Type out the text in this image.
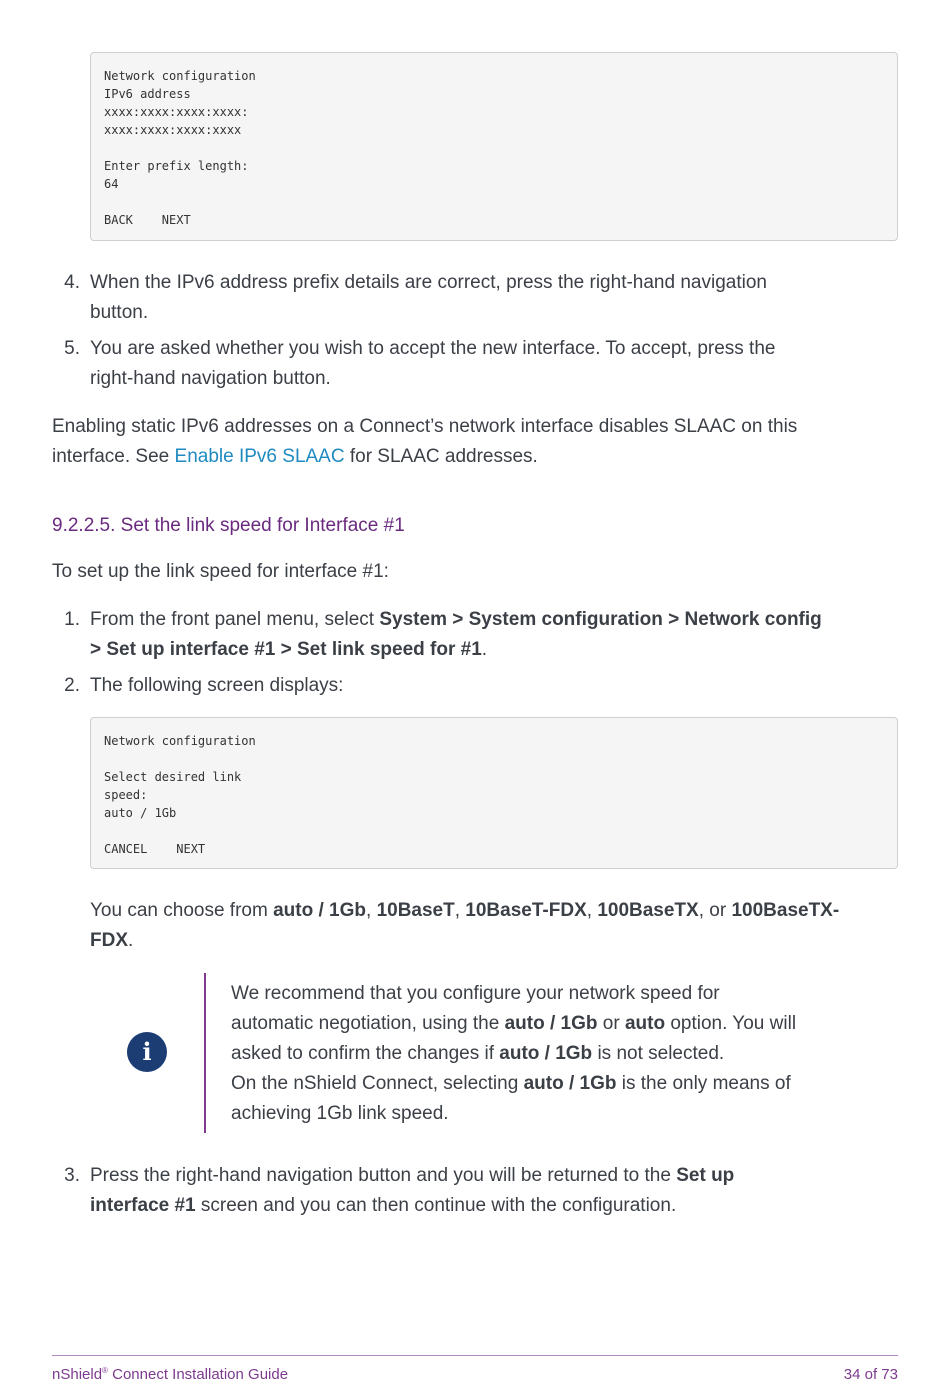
Network configuration
IPv6 address
xxxx:xxxx:xxxx:xxxx:
xxxx:xxxx:xxxx:xxxx

Enter prefix length:
64

BACK    NEXT
4. When the IPv6 address prefix details are correct, press the right-hand navigation
button.
5. You are asked whether you wish to accept the new interface. To accept, press the
right-hand navigation button.
Enabling static IPv6 addresses on a Connect’s network interface disables SLAAC on this
interface. See Enable IPv6 SLAAC for SLAAC addresses.
9.2.2.5. Set the link speed for Interface #1
To set up the link speed for interface #1:
1. From the front panel menu, select System > System configuration > Network config
> Set up interface #1 > Set link speed for #1.
2. The following screen displays:
Network configuration

Select desired link
speed:
auto / 1Gb

CANCEL    NEXT
You can choose from auto / 1Gb, 10BaseT, 10BaseT-FDX, 100BaseTX, or 100BaseTX-
FDX.
i
We recommend that you configure your network speed for
automatic negotiation, using the auto / 1Gb or auto option. You will
asked to confirm the changes if auto / 1Gb is not selected.
On the nShield Connect, selecting auto / 1Gb is the only means of
achieving 1Gb link speed.
3. Press the right-hand navigation button and you will be returned to the Set up
interface #1 screen and you can then continue with the configuration.
nShield® Connect Installation Guide	34 of 73
